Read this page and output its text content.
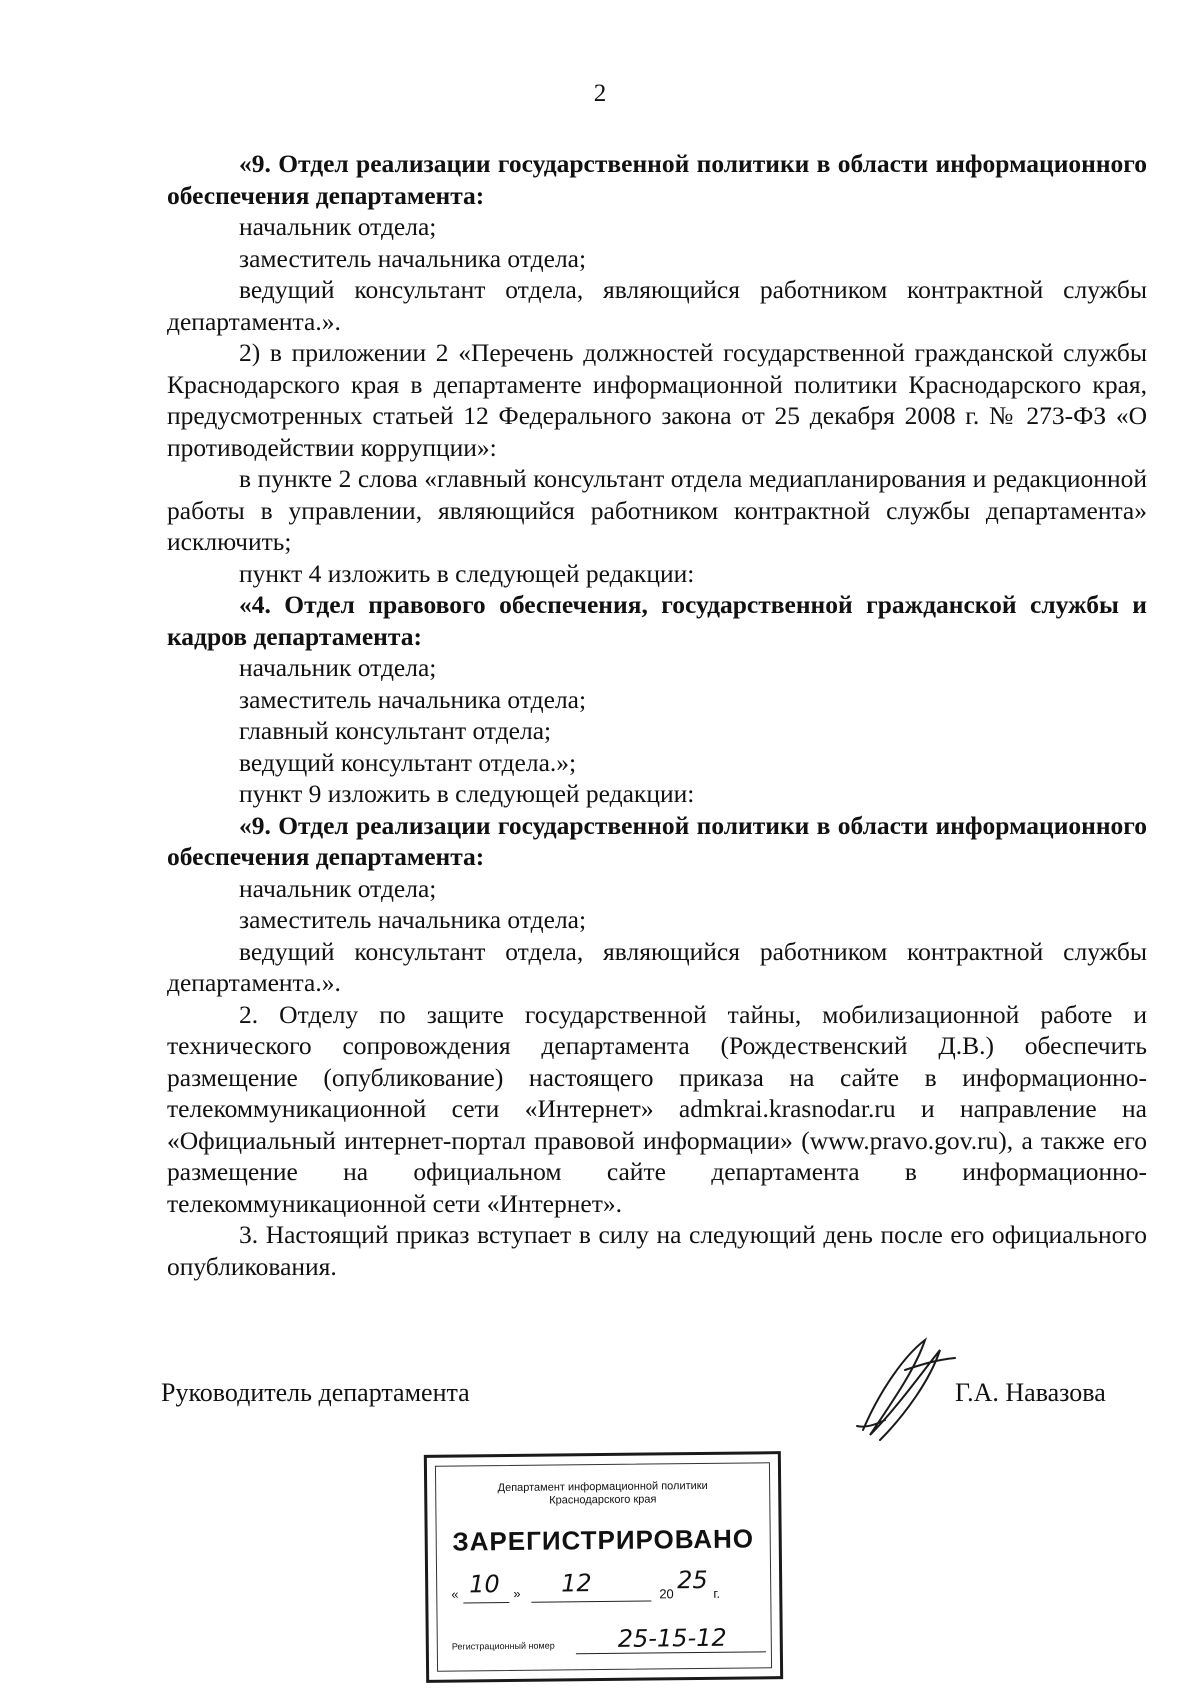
2

«9. Отдел реализации государственной политики в области информационного обеспечения департамента:

начальник отдела;

заместитель начальника отдела;

ведущий консультант отдела, являющийся работником контрактной службы департамента.».

2) в приложении 2 «Перечень должностей государственной гражданской службы Краснодарского края в департаменте информационной политики Краснодарского края, предусмотренных статьей 12 Федерального закона от 25 декабря 2008 г. № 273-ФЗ «О противодействии коррупции»:

в пункте 2 слова «главный консультант отдела медиапланирования и редакционной работы в управлении, являющийся работником контрактной службы департамента» исключить;

пункт 4 изложить в следующей редакции:

«4. Отдел правового обеспечения, государственной гражданской службы и кадров департамента:

начальник отдела;

заместитель начальника отдела;

главный консультант отдела;

ведущий консультант отдела.»;

пункт 9 изложить в следующей редакции:

«9. Отдел реализации государственной политики в области информационного обеспечения департамента:

начальник отдела;

заместитель начальника отдела;

ведущий консультант отдела, являющийся работником контрактной службы департамента.».

2. Отделу по защите государственной тайны, мобилизационной работе и технического сопровождения департамента (Рождественский Д.В.) обеспечить размещение (опубликование) настоящего приказа на сайте в информационно-телекоммуникационной сети «Интернет» admkrai.krasnodar.ru и направление на «Официальный интернет-портал правовой информации» (www.pravo.gov.ru), а также его размещение на официальном сайте департамента в информационно-телекоммуникационной сети «Интернет».

3. Настоящий приказ вступает в силу на следующий день после его официального опубликования.

Руководитель департамента	Г.А. Навазова
Департамент информационной политики
Краснодарского края
ЗАРЕГИСТРИРОВАНО
« 10 » 12	20 25 г.
Регистрационный номер	25-15-12
